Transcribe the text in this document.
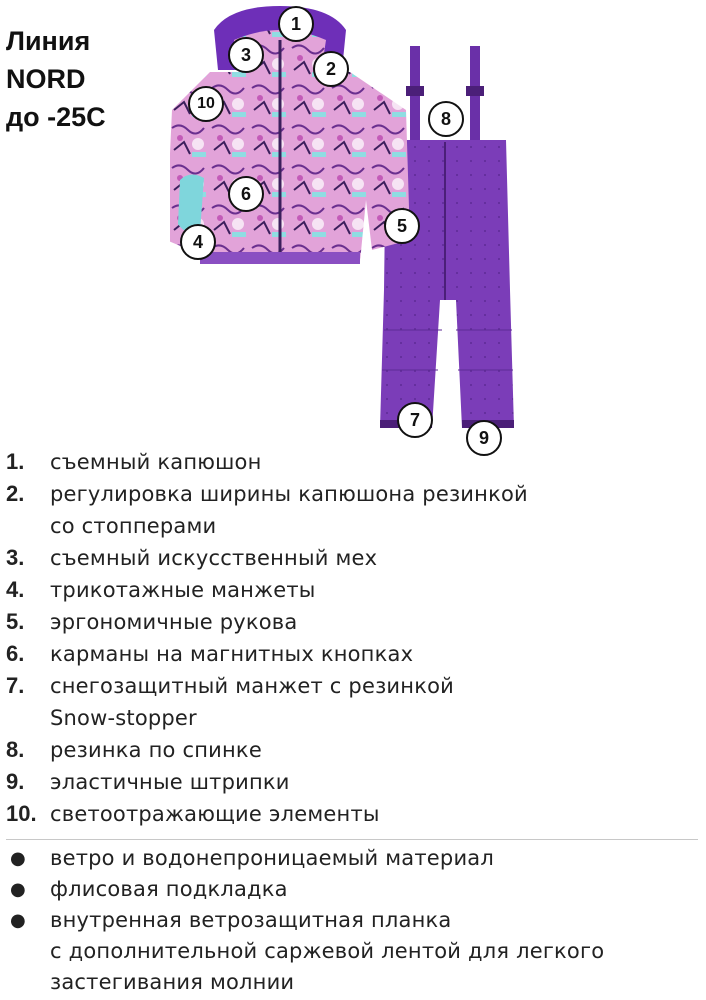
Линия
NORD
до -25С
1
2
3
4
5
6
7
8
9
10
1.	съемный капюшон
2.	регулировка ширины капюшона резинкой
со стопперами
3.	съемный искусственный мех
4.	трикотажные манжеты
5.	эргономичные рукова
6.	карманы на магнитных кнопках
7.	снегозащитный манжет с резинкой
Snow-stopper
8.	резинка по спинке
9.	эластичные штрипки
10. светоотражающие элементы
●	ветро и водонепроницаемый материал
●	флисовая подкладка
●	внутренная ветрозащитная планка
с дополнительной саржевой лентой для легкого
застегивания молнии
